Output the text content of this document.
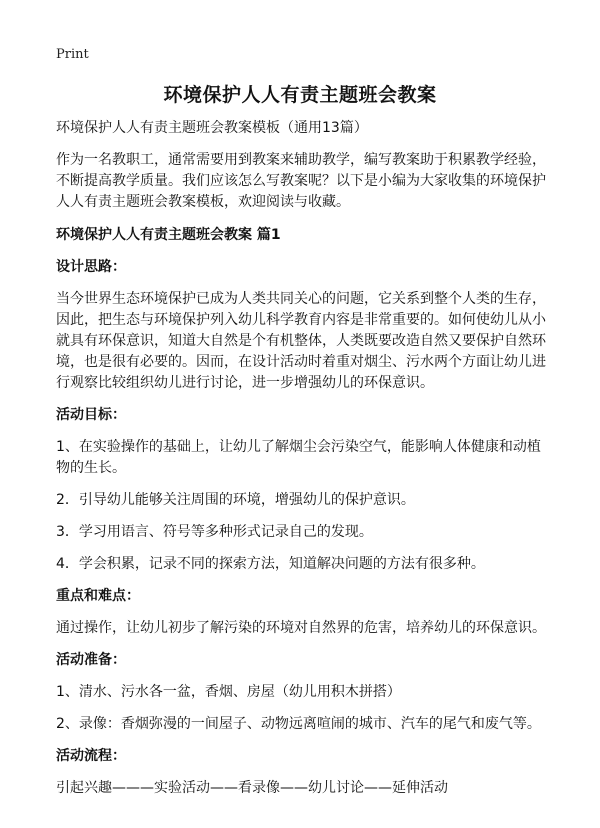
Print
环境保护人人有责主题班会教案

环境保护人人有责主题班会教案模板（通用13篇）

作为一名教职工，通常需要用到教案来辅助教学，编写教案助于积累教学经验，不断提高教学质量。我们应该怎么写教案呢？以下是小编为大家收集的环境保护人人有责主题班会教案模板，欢迎阅读与收藏。

环境保护人人有责主题班会教案 篇1

设计思路：

当今世界生态环境保护已成为人类共同关心的问题，它关系到整个人类的生存，因此，把生态与环境保护列入幼儿科学教育内容是非常重要的。如何使幼儿从小就具有环保意识，知道大自然是个有机整体，人类既要改造自然又要保护自然环境，也是很有必要的。因而，在设计活动时着重对烟尘、污水两个方面让幼儿进行观察比较组织幼儿进行讨论，进一步增强幼儿的环保意识。

活动目标：

1、在实验操作的基础上，让幼儿了解烟尘会污染空气，能影响人体健康和动植物的生长。

2．引导幼儿能够关注周围的环境，增强幼儿的保护意识。

3．学习用语言、符号等多种形式记录自己的发现。

4．学会积累，记录不同的探索方法，知道解决问题的方法有很多种。

重点和难点：

通过操作，让幼儿初步了解污染的环境对自然界的危害，培养幼儿的环保意识。

活动准备：

1、清水、污水各一盆，香烟、房屋（幼儿用积木拼搭）

2、录像：香烟弥漫的一间屋子、动物远离喧闹的城市、汽车的尾气和废气等。

活动流程：

引起兴趣———实验活动——看录像——幼儿讨论——延伸活动
